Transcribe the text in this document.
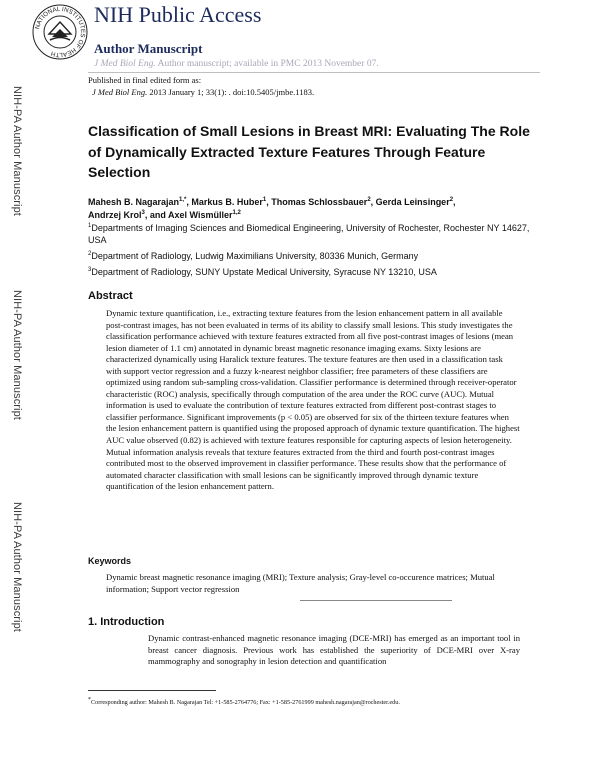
NATIONAL INSTITUTES OF HEALTH
NIH Public Access
Author Manuscript
J Med Biol Eng. Author manuscript; available in PMC 2013 November 07.
Published in final edited form as:
J Med Biol Eng. 2013 January 1; 33(1): . doi:10.5405/jmbe.1183.
NIH-PA Author Manuscript
NIH-PA Author Manuscript
NIH-PA Author Manuscript
Classification of Small Lesions in Breast MRI: Evaluating The Role of Dynamically Extracted Texture Features Through Feature Selection
Mahesh B. Nagarajan$^{1,*}$, Markus B. Huber$^1$, Thomas Schlossbauer$^2$, Gerda Leinsinger$^2$,
Andrzej Krol$^3$, and Axel Wismüller$^{1,2}$
$^1$Departments of Imaging Sciences and Biomedical Engineering, University of Rochester, Rochester NY 14627, USA
$^2$Department of Radiology, Ludwig Maximilians University, 80336 Munich, Germany
$^3$Department of Radiology, SUNY Upstate Medical University, Syracuse NY 13210, USA
Abstract
Dynamic texture quantification, i.e., extracting texture features from the lesion enhancement pattern in all available post-contrast images, has not been evaluated in terms of its ability to classify small lesions. This study investigates the classification performance achieved with texture features extracted from all five post-contrast images of lesions (mean lesion diameter of 1.1 cm) annotated in dynamic breast magnetic resonance imaging exams. Sixty lesions are characterized dynamically using Haralick texture features. The texture features are then used in a classification task with support vector regression and a fuzzy k-nearest neighbor classifier; free parameters of these classifiers are optimized using random sub-sampling cross-validation. Classifier performance is determined through receiver-operator characteristic (ROC) analysis, specifically through computation of the area under the ROC curve (AUC). Mutual information is used to evaluate the contribution of texture features extracted from different post-contrast stages to classifier performance. Significant improvements (p < 0.05) are observed for six of the thirteen texture features when the lesion enhancement pattern is quantified using the proposed approach of dynamic texture quantification. The highest AUC value observed (0.82) is achieved with texture features responsible for capturing aspects of lesion heterogeneity. Mutual information analysis reveals that texture features extracted from the third and fourth post-contrast images contributed most to the observed improvement in classifier performance. These results show that the performance of automated character classification with small lesions can be significantly improved through dynamic texture quantification of the lesion enhancement pattern.
Keywords
Dynamic breast magnetic resonance imaging (MRI); Texture analysis; Gray-level co-occurence matrices; Mutual information; Support vector regression
1. Introduction
Dynamic contrast-enhanced magnetic resonance imaging (DCE-MRI) has emerged as an important tool in breast cancer diagnosis. Previous work has established the superiority of DCE-MRI over X-ray mammography and sonography in lesion detection and quantification
*Corresponding author: Mahesh B. Nagarajan Tel: +1-585-2764776; Fax: +1-585-2761999 mahesh.nagarajan@rochester.edu.
